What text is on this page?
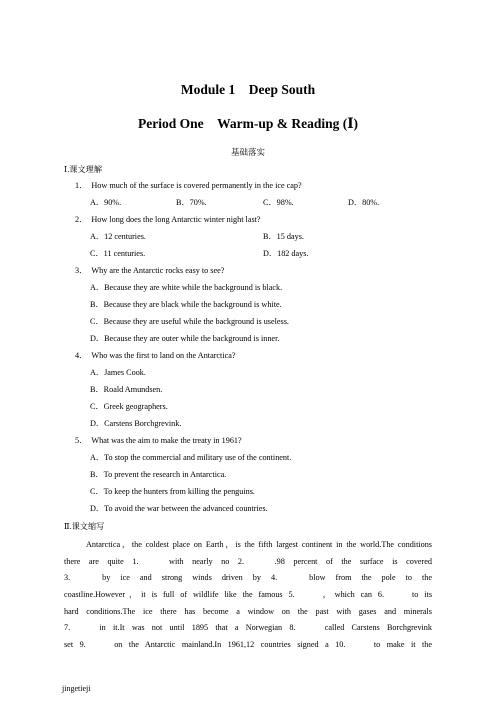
Module 1　Deep South
Period One　Warm-up & Reading (Ⅰ)
基础落实
Ⅰ.课文理解
1．　How much of the surface is covered permanently in the ice cap?
A．90%.	B．70%.	C．98%.	D．80%.
2．　How long does the long Antarctic winter night last?
A．12 centuries.	B．15 days.
C．11 centuries.	D．182 days.
3．　Why are the Antarctic rocks easy to see?
A．Because they are white while the background is black.
B．Because they are black while the background is white.
C．Because they are useful while the background is useless.
D．Because they are outer while the background is inner.
4．　Who was the first to land on the Antarctica?
A．James Cook.
B．Roald Amundsen.
C．Greek geographers.
D．Carstens Borchgrevink.
5．　What was the aim to make the treaty in 1961?
A．To stop the commercial and military use of the continent.
B．To prevent the research in Antarctica.
C．To keep the hunters from killing the penguins.
D．To avoid the war between the advanced countries.
Ⅱ.课文缩写
Antarctica，the coldest place on Earth，is the fifth largest continent in the world.The conditions
there are quite 1.	with nearly no 2.	.98 percent of the surface is covered
3.	by ice and strong winds driven by 4.	blow from the pole to the
coastline.However，it is full of wildlife like the famous 5.	，which can 6.	to its
hard conditions.The ice there has become a window on the past with gases and minerals
7.	in it.It was not until 1895 that a Norwegian 8.	called Carstens Borchgrevink
set 9.	on the Antarctic mainland.In 1961,12 countries signed a 10.	to make it the
jingetieji
